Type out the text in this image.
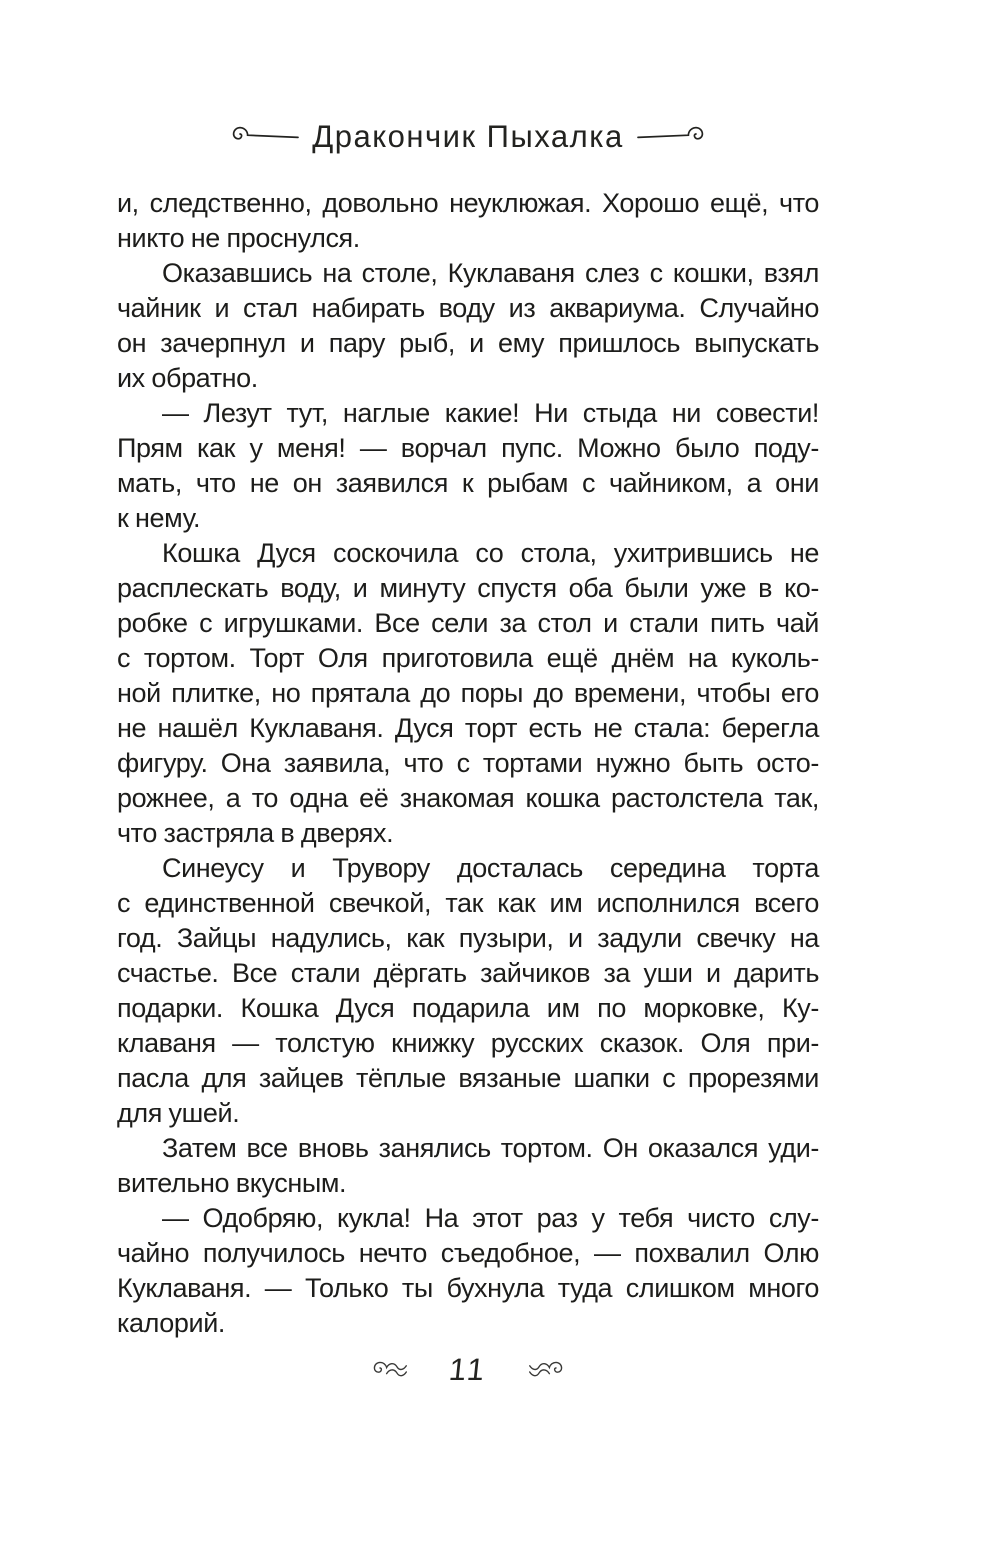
Дракончик Пыхалка
и, следственно, довольно неуклюжая. Хорошо ещё, что
никто не проснулся.
Оказавшись на столе, Куклаваня слез с кошки, взял
чайник и стал набирать воду из аквариума. Случайно
он зачерпнул и пару рыб, и ему пришлось выпускать
их обратно.
— Лезут тут, наглые какие! Ни стыда ни совести!
Прям как у меня! — ворчал пупс. Можно было поду-
мать, что не он заявился к рыбам с чайником, а они
к нему.
Кошка Дуся соскочила со стола, ухитрившись не
расплескать воду, и минуту спустя оба были уже в ко-
робке с игрушками. Все сели за стол и стали пить чай
с тортом. Торт Оля приготовила ещё днём на куколь-
ной плитке, но прятала до поры до времени, чтобы его
не нашёл Куклаваня. Дуся торт есть не стала: берегла
фигуру. Она заявила, что с тортами нужно быть осто-
рожнее, а то одна её знакомая кошка растолстела так,
что застряла в дверях.
Синеусу и Трувору досталась середина торта
с единственной свечкой, так как им исполнился всего
год. Зайцы надулись, как пузыри, и задули свечку на
счастье. Все стали дёргать зайчиков за уши и дарить
подарки. Кошка Дуся подарила им по морковке, Ку-
клаваня — толстую книжку русских сказок. Оля при-
пасла для зайцев тёплые вязаные шапки с прорезями
для ушей.
Затем все вновь занялись тортом. Он оказался уди-
вительно вкусным.
— Одобряю, кукла! На этот раз у тебя чисто слу-
чайно получилось нечто съедобное, — похвалил Олю
Куклаваня. — Только ты бухнула туда слишком много
калорий.
11
